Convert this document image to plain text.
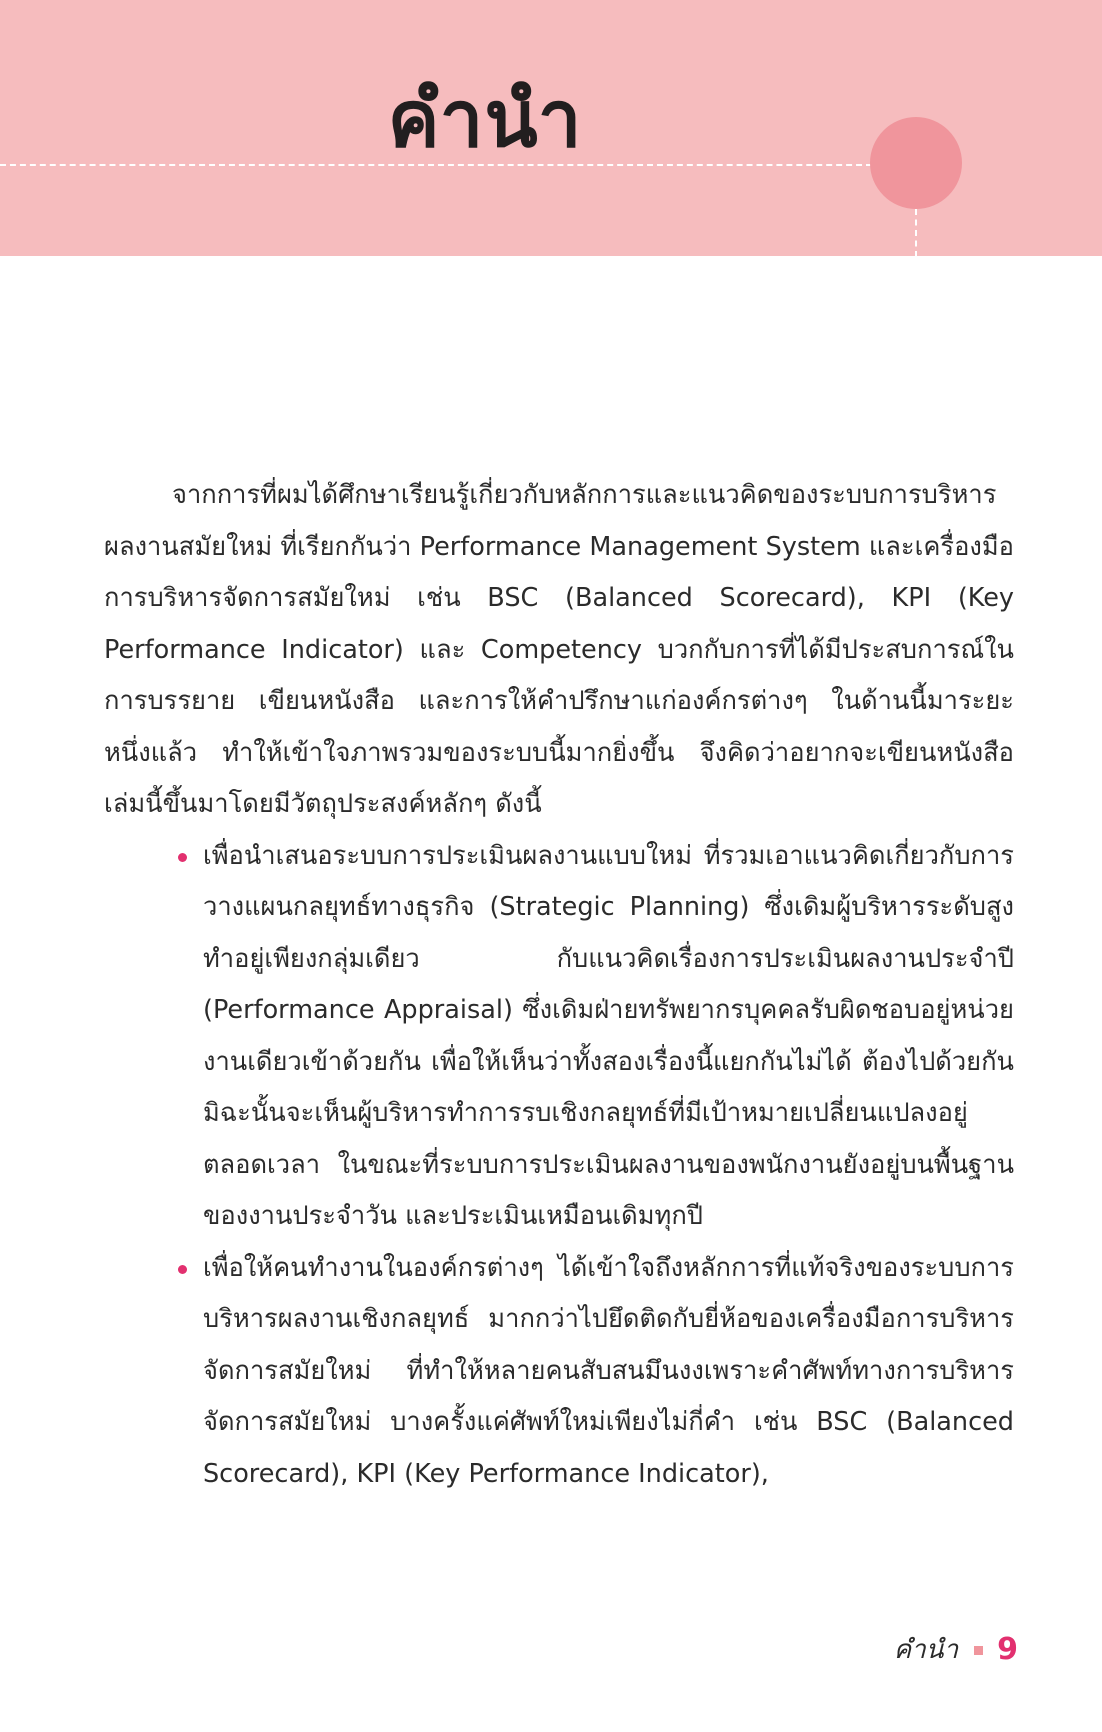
คำนำ

จากการที่ผมได้ศึกษาเรียนรู้เกี่ยวกับหลักการและแนวคิดของระบบการบริหารผลงานสมัยใหม่ ที่เรียกกันว่า Performance Management System และเครื่องมือการบริหารจัดการสมัยใหม่ เช่น BSC (Balanced Scorecard), KPI (Key Performance Indicator) และ Competency บวกกับการที่ได้มีประสบการณ์ในการบรรยาย เขียนหนังสือ และการให้คำปรึกษาแก่องค์กรต่างๆ ในด้านนี้มาระยะหนึ่งแล้ว ทำให้เข้าใจภาพรวมของระบบนี้มากยิ่งขึ้น จึงคิดว่าอยากจะเขียนหนังสือเล่มนี้ขึ้นมาโดยมีวัตถุประสงค์หลักๆ ดังนี้

เพื่อนำเสนอระบบการประเมินผลงานแบบใหม่ ที่รวมเอาแนวคิดเกี่ยวกับการวางแผนกลยุทธ์ทางธุรกิจ (Strategic Planning) ซึ่งเดิมผู้บริหารระดับสูงทำอยู่เพียงกลุ่มเดียว กับแนวคิดเรื่องการประเมินผลงานประจำปี (Performance Appraisal) ซึ่งเดิมฝ่ายทรัพยากรบุคคลรับผิดชอบอยู่หน่วยงานเดียวเข้าด้วยกัน เพื่อให้เห็นว่าทั้งสองเรื่องนี้แยกกันไม่ได้ ต้องไปด้วยกัน มิฉะนั้นจะเห็นผู้บริหารทำการรบเชิงกลยุทธ์ที่มีเป้าหมายเปลี่ยนแปลงอยู่ตลอดเวลา ในขณะที่ระบบการประเมินผลงานของพนักงานยังอยู่บนพื้นฐานของงานประจำวัน และประเมินเหมือนเดิมทุกปี
เพื่อให้คนทำงานในองค์กรต่างๆ ได้เข้าใจถึงหลักการที่แท้จริงของระบบการบริหารผลงานเชิงกลยุทธ์ มากกว่าไปยึดติดกับยี่ห้อของเครื่องมือการบริหารจัดการสมัยใหม่ ที่ทำให้หลายคนสับสนมึนงงเพราะคำศัพท์ทางการบริหารจัดการสมัยใหม่ บางครั้งแค่ศัพท์ใหม่เพียงไม่กี่คำ เช่น BSC (Balanced Scorecard), KPI (Key Performance Indicator),
คำนำ 9
